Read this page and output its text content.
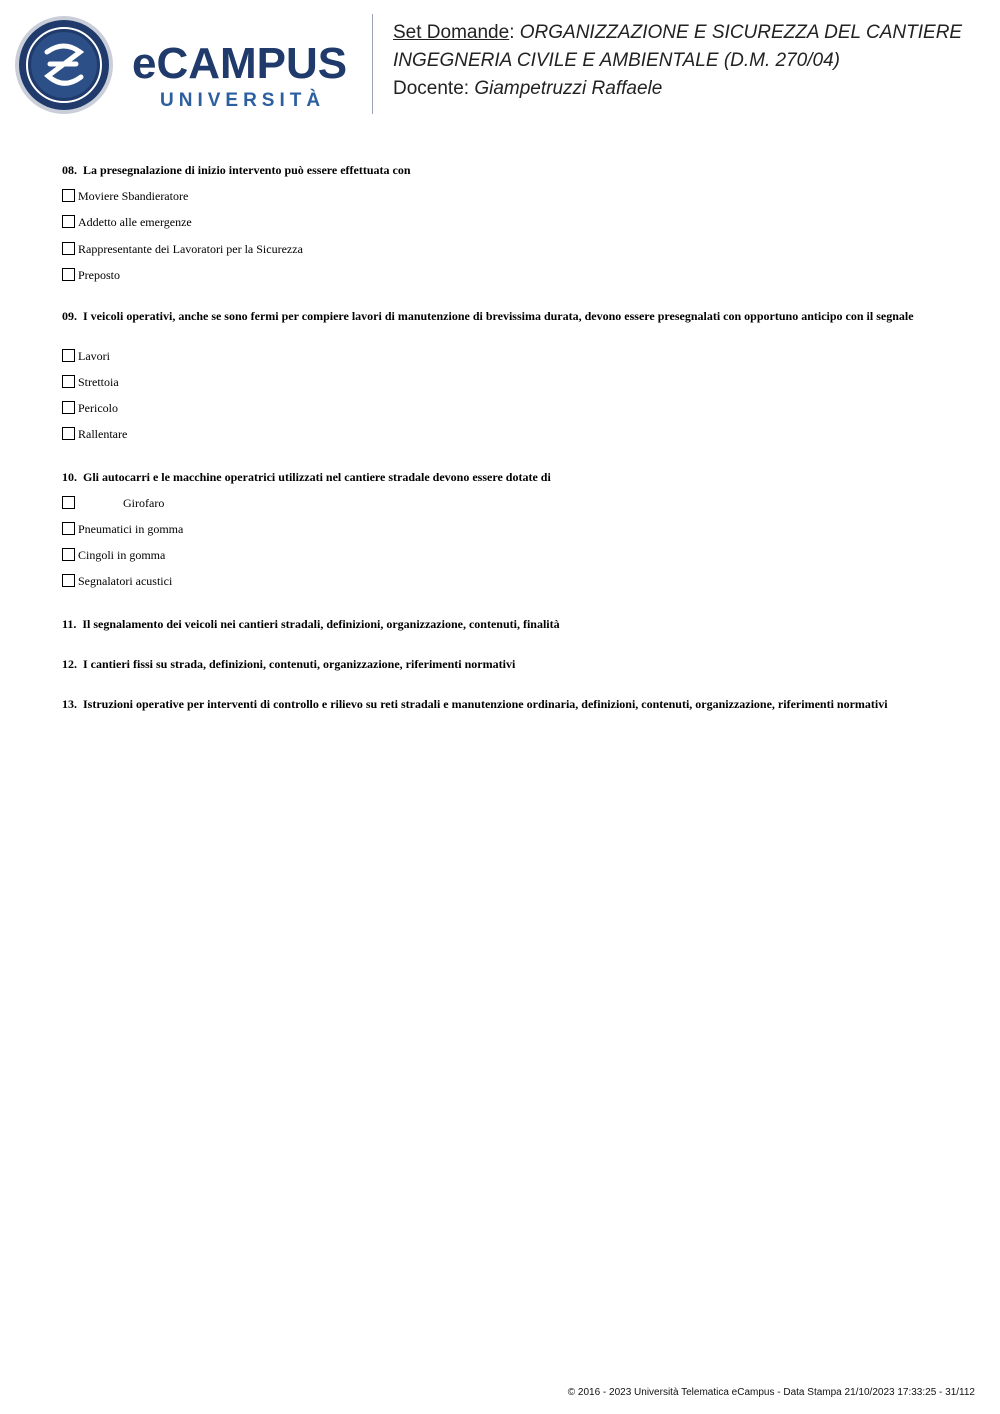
eCAMPUS
UNIVERSITÀ
Set Domande: ORGANIZZAZIONE E SICUREZZA DEL CANTIERE
INGEGNERIA CIVILE E AMBIENTALE (D.M. 270/04)
Docente: Giampetruzzi Raffaele
08. La presegnalazione di inizio intervento può essere effettuata con
Moviere Sbandieratore
Addetto alle emergenze
Rappresentante dei Lavoratori per la Sicurezza
Preposto
09. I veicoli operativi, anche se sono fermi per compiere lavori di manutenzione di brevissima durata, devono essere presegnalati con opportuno anticipo con il segnale
Lavori
Strettoia
Pericolo
Rallentare
10. Gli autocarri e le macchine operatrici utilizzati nel cantiere stradale devono essere dotate di
Girofaro
Pneumatici in gomma
Cingoli in gomma
Segnalatori acustici
11. Il segnalamento dei veicoli nei cantieri stradali, definizioni, organizzazione, contenuti, finalità
12. I cantieri fissi su strada, definizioni, contenuti, organizzazione, riferimenti normativi
13. Istruzioni operative per interventi di controllo e rilievo su reti stradali e manutenzione ordinaria, definizioni, contenuti, organizzazione, riferimenti normativi
© 2016 - 2023 Università Telematica eCampus - Data Stampa 21/10/2023 17:33:25 - 31/112
